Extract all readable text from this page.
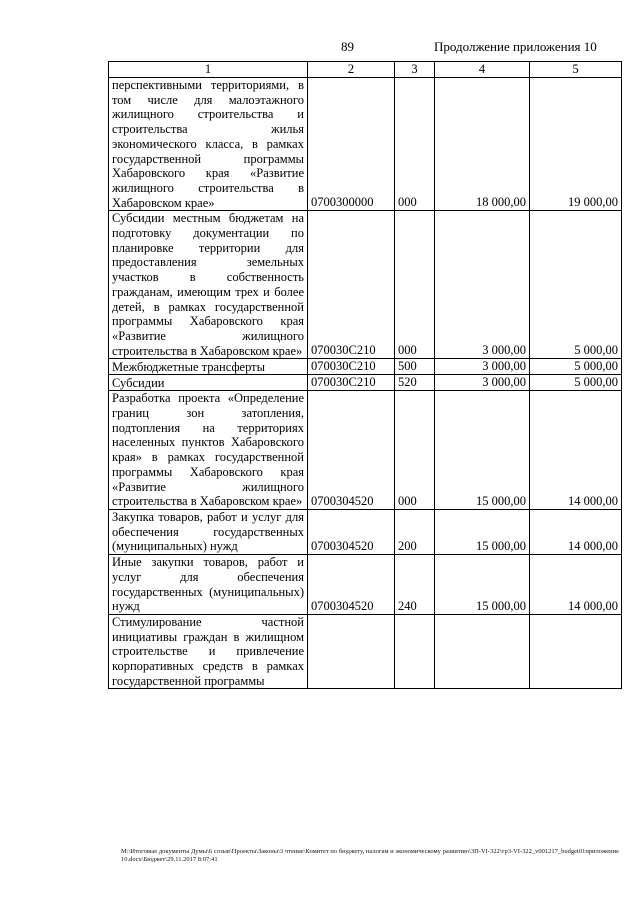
89	Продолжение приложения 10
1	2	3	4	5
перспективными территориями, в том числе для малоэтажного жилищного строительства и строительства жилья экономического класса, в рамках государственной программы Хабаровского края «Развитие жилищного строительства в Хабаровском крае»	0700300000	000	18 000,00	19 000,00
Субсидии местным бюджетам на подготовку документации по планировке территории для предоставления земельных участков в собственность гражданам, имеющим трех и более детей, в рамках государственной программы Хабаровского края «Развитие жилищного строительства в Хабаровском крае»	070030С210	000	3 000,00	5 000,00
Межбюджетные трансферты	070030С210	500	3 000,00	5 000,00
Субсидии	070030С210	520	3 000,00	5 000,00
Разработка проекта «Определение границ зон затопления, подтопления на территориях населенных пунктов Хабаровского края» в рамках государственной программы Хабаровского края «Развитие жилищного строительства в Хабаровском крае»	0700304520	000	15 000,00	14 000,00
Закупка товаров, работ и услуг для обеспечения государственных (муниципальных) нужд	0700304520	200	15 000,00	14 000,00
Иные закупки товаров, работ и услуг для обеспечения государственных (муниципальных) нужд	0700304520	240	15 000,00	14 000,00
Стимулирование частной инициативы граждан в жилищном строительстве и привлечение корпоративных средств в рамках государственной программы				
M:\Итоговые документы Думы\6 созыв\Проекты\Законы\3 чтение\Комитет по бюджету, налогам и экономическому развитию\ЗП-VI-322\тр3-VI-322_v001217_budget01приложение 10.docx\Бюджет\29.11.2017 8:07:41
